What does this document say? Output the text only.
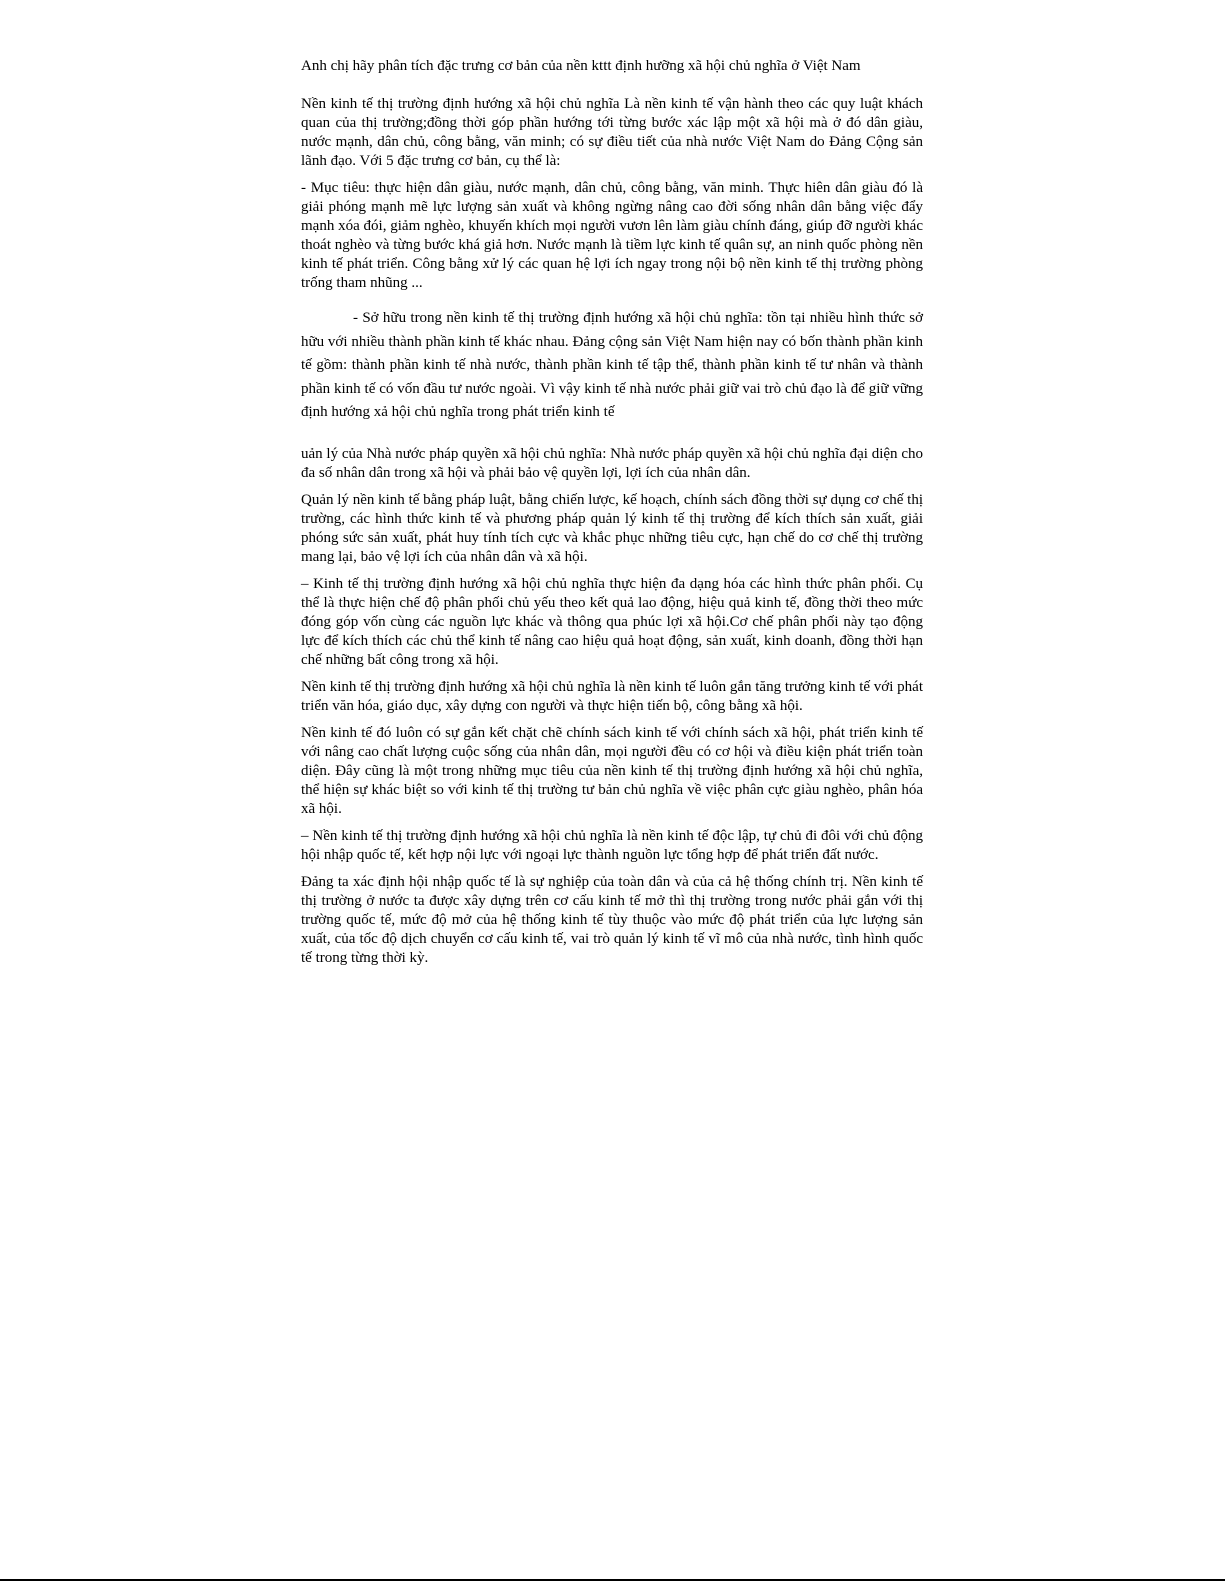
Anh chị hãy phân tích đặc trưng cơ bản của nền kttt định hưỡng xã hội chủ nghĩa ở Việt Nam

Nền kinh tế thị trường định hướng xã hội chủ nghĩa Là nền kinh tế vận hành theo các quy luật khách quan của thị trường;đồng thời góp phần hướng tới từng bước xác lập một xã hội mà ở đó dân giàu, nước mạnh, dân chủ, công bằng, văn minh; có sự điều tiết của nhà nước Việt Nam do Đảng Cộng sản lãnh đạo. Với 5 đặc trưng cơ bản, cụ thể là:

- Mục tiêu: thực hiện dân giàu, nước mạnh, dân chủ, công bằng, văn minh. Thực hiên dân giàu đó là giải phóng mạnh mẽ lực lượng sản xuất và không ngừng nâng cao đời sống nhân dân bằng việc đẩy mạnh xóa đói, giảm nghèo, khuyến khích mọi người vươn lên làm giàu chính đáng, giúp đỡ người khác thoát nghèo và từng bước khá giả hơn. Nước mạnh là tiềm lực kinh tế quân sự, an ninh quốc phòng nền kinh tế phát triển. Công bằng xử lý các quan hệ lợi ích ngay trong nội bộ nền kinh tế thị trường phòng trống tham nhũng ...

- Sở hữu trong nền kinh tế thị trường định hướng xã hội chủ nghĩa: tồn tại nhiều hình thức sở hữu với nhiều thành phần kinh tế khác nhau. Đảng cộng sản Việt Nam hiện nay có bốn thành phần kinh tế gồm: thành phần kinh tế nhà nước, thành phần kinh tế tập thể, thành phần kinh tế tư nhân và thành phần kinh tế có vốn đầu tư nước ngoài. Vì vậy kinh tế nhà nước phải giữ vai trò chủ đạo là để giữ vững định hướng xả hội chủ nghĩa trong phát triển kinh tế

uản lý của Nhà nước pháp quyền xã hội chủ nghĩa: Nhà nước pháp quyền xã hội chủ nghĩa đại diện cho đa số nhân dân trong xã hội và phải bảo vệ quyền lợi, lợi ích của nhân dân.

Quản lý nền kinh tế bằng pháp luật, bằng chiến lược, kế hoạch, chính sách đồng thời sự dụng cơ chế thị trường, các hình thức kinh tế và phương pháp quản lý kinh tế thị trường để kích thích sản xuất, giải phóng sức sản xuất, phát huy tính tích cực và khắc phục những tiêu cực, hạn chế do cơ chế thị trường mang lại, bảo vệ lợi ích của nhân dân và xã hội.

– Kinh tế thị trường định hướng xã hội chủ nghĩa thực hiện đa dạng hóa các hình thức phân phối. Cụ thể là thực hiện chế độ phân phối chủ yếu theo kết quả lao động, hiệu quả kinh tế, đồng thời theo mức đóng góp vốn cùng các nguồn lực khác và thông qua phúc lợi xã hội.Cơ chế phân phối này tạo động lực để kích thích các chủ thể kinh tế nâng cao hiệu quả hoạt động, sản xuất, kinh doanh, đồng thời hạn chế những bất công trong xã hội.

Nền kinh tế thị trường định hướng xã hội chủ nghĩa là nền kinh tế luôn gắn tăng trưởng kinh tế với phát triển văn hóa, giáo dục, xây dựng con người và thực hiện tiến bộ, công bằng xã hội.

Nền kinh tế đó luôn có sự gắn kết chặt chẽ chính sách kinh tế với chính sách xã hội, phát triển kinh tế với nâng cao chất lượng cuộc sống của nhân dân, mọi người đều có cơ hội và điều kiện phát triển toàn diện. Đây cũng là một trong những mục tiêu của nền kinh tế thị trường định hướng xã hội chủ nghĩa, thể hiện sự khác biệt so với kinh tế thị trường tư bản chủ nghĩa về việc phân cực giàu nghèo, phân hóa xã hội.

– Nền kinh tế thị trường định hướng xã hội chủ nghĩa là nền kinh tế độc lập, tự chủ đi đôi với chủ động hội nhập quốc tế, kết hợp nội lực với ngoại lực thành nguồn lực tổng hợp để phát triển đất nước.

Đảng ta xác định hội nhập quốc tế là sự nghiệp của toàn dân và của cả hệ thống chính trị. Nền kinh tế thị trường ở nước ta được xây dựng trên cơ cấu kinh tế mở thì thị trường trong nước phải gắn với thị trường quốc tế, mức độ mở của hệ thống kinh tế tùy thuộc vào mức độ phát triển của lực lượng sản xuất, của tốc độ dịch chuyển cơ cấu kinh tế, vai trò quản lý kinh tế vĩ mô của nhà nước, tình hình quốc tế trong từng thời kỳ.
